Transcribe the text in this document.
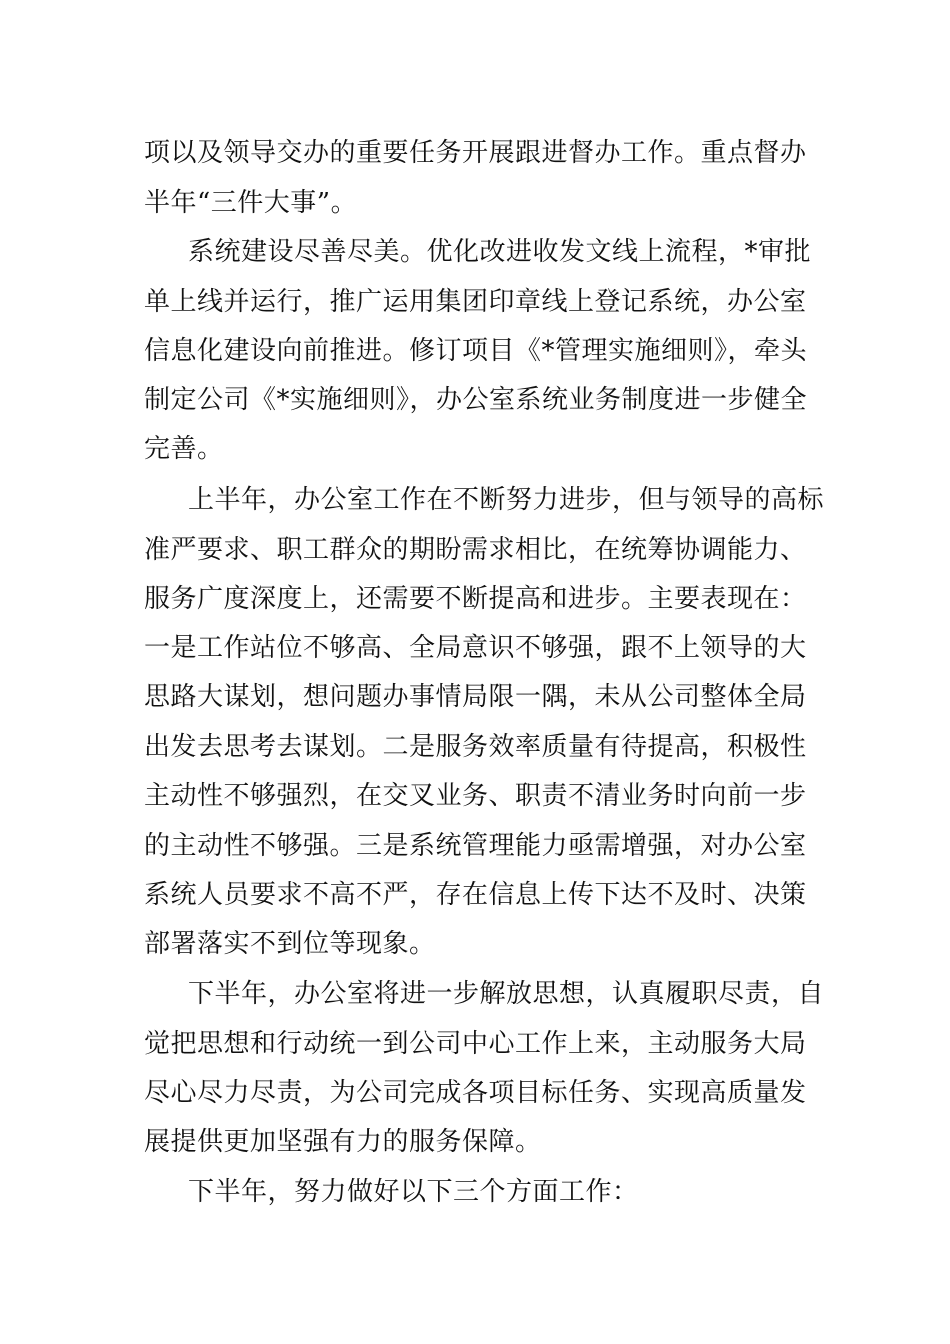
项以及领导交办的重要任务开展跟进督办工作。重点督办
半年“三件大事”。
系统建设尽善尽美。优化改进收发文线上流程，*审批
单上线并运行，推广运用集团印章线上登记系统，办公室
信息化建设向前推进。修订项目《*管理实施细则》，牵头
制定公司《*实施细则》，办公室系统业务制度进一步健全
完善。
上半年，办公室工作在不断努力进步，但与领导的高标
准严要求、职工群众的期盼需求相比，在统筹协调能力、
服务广度深度上，还需要不断提高和进步。主要表现在：
一是工作站位不够高、全局意识不够强，跟不上领导的大
思路大谋划，想问题办事情局限一隅，未从公司整体全局
出发去思考去谋划。二是服务效率质量有待提高，积极性
主动性不够强烈，在交叉业务、职责不清业务时向前一步
的主动性不够强。三是系统管理能力亟需增强，对办公室
系统人员要求不高不严，存在信息上传下达不及时、决策
部署落实不到位等现象。
下半年，办公室将进一步解放思想，认真履职尽责，自
觉把思想和行动统一到公司中心工作上来，主动服务大局
尽心尽力尽责，为公司完成各项目标任务、实现高质量发
展提供更加坚强有力的服务保障。
下半年，努力做好以下三个方面工作：
